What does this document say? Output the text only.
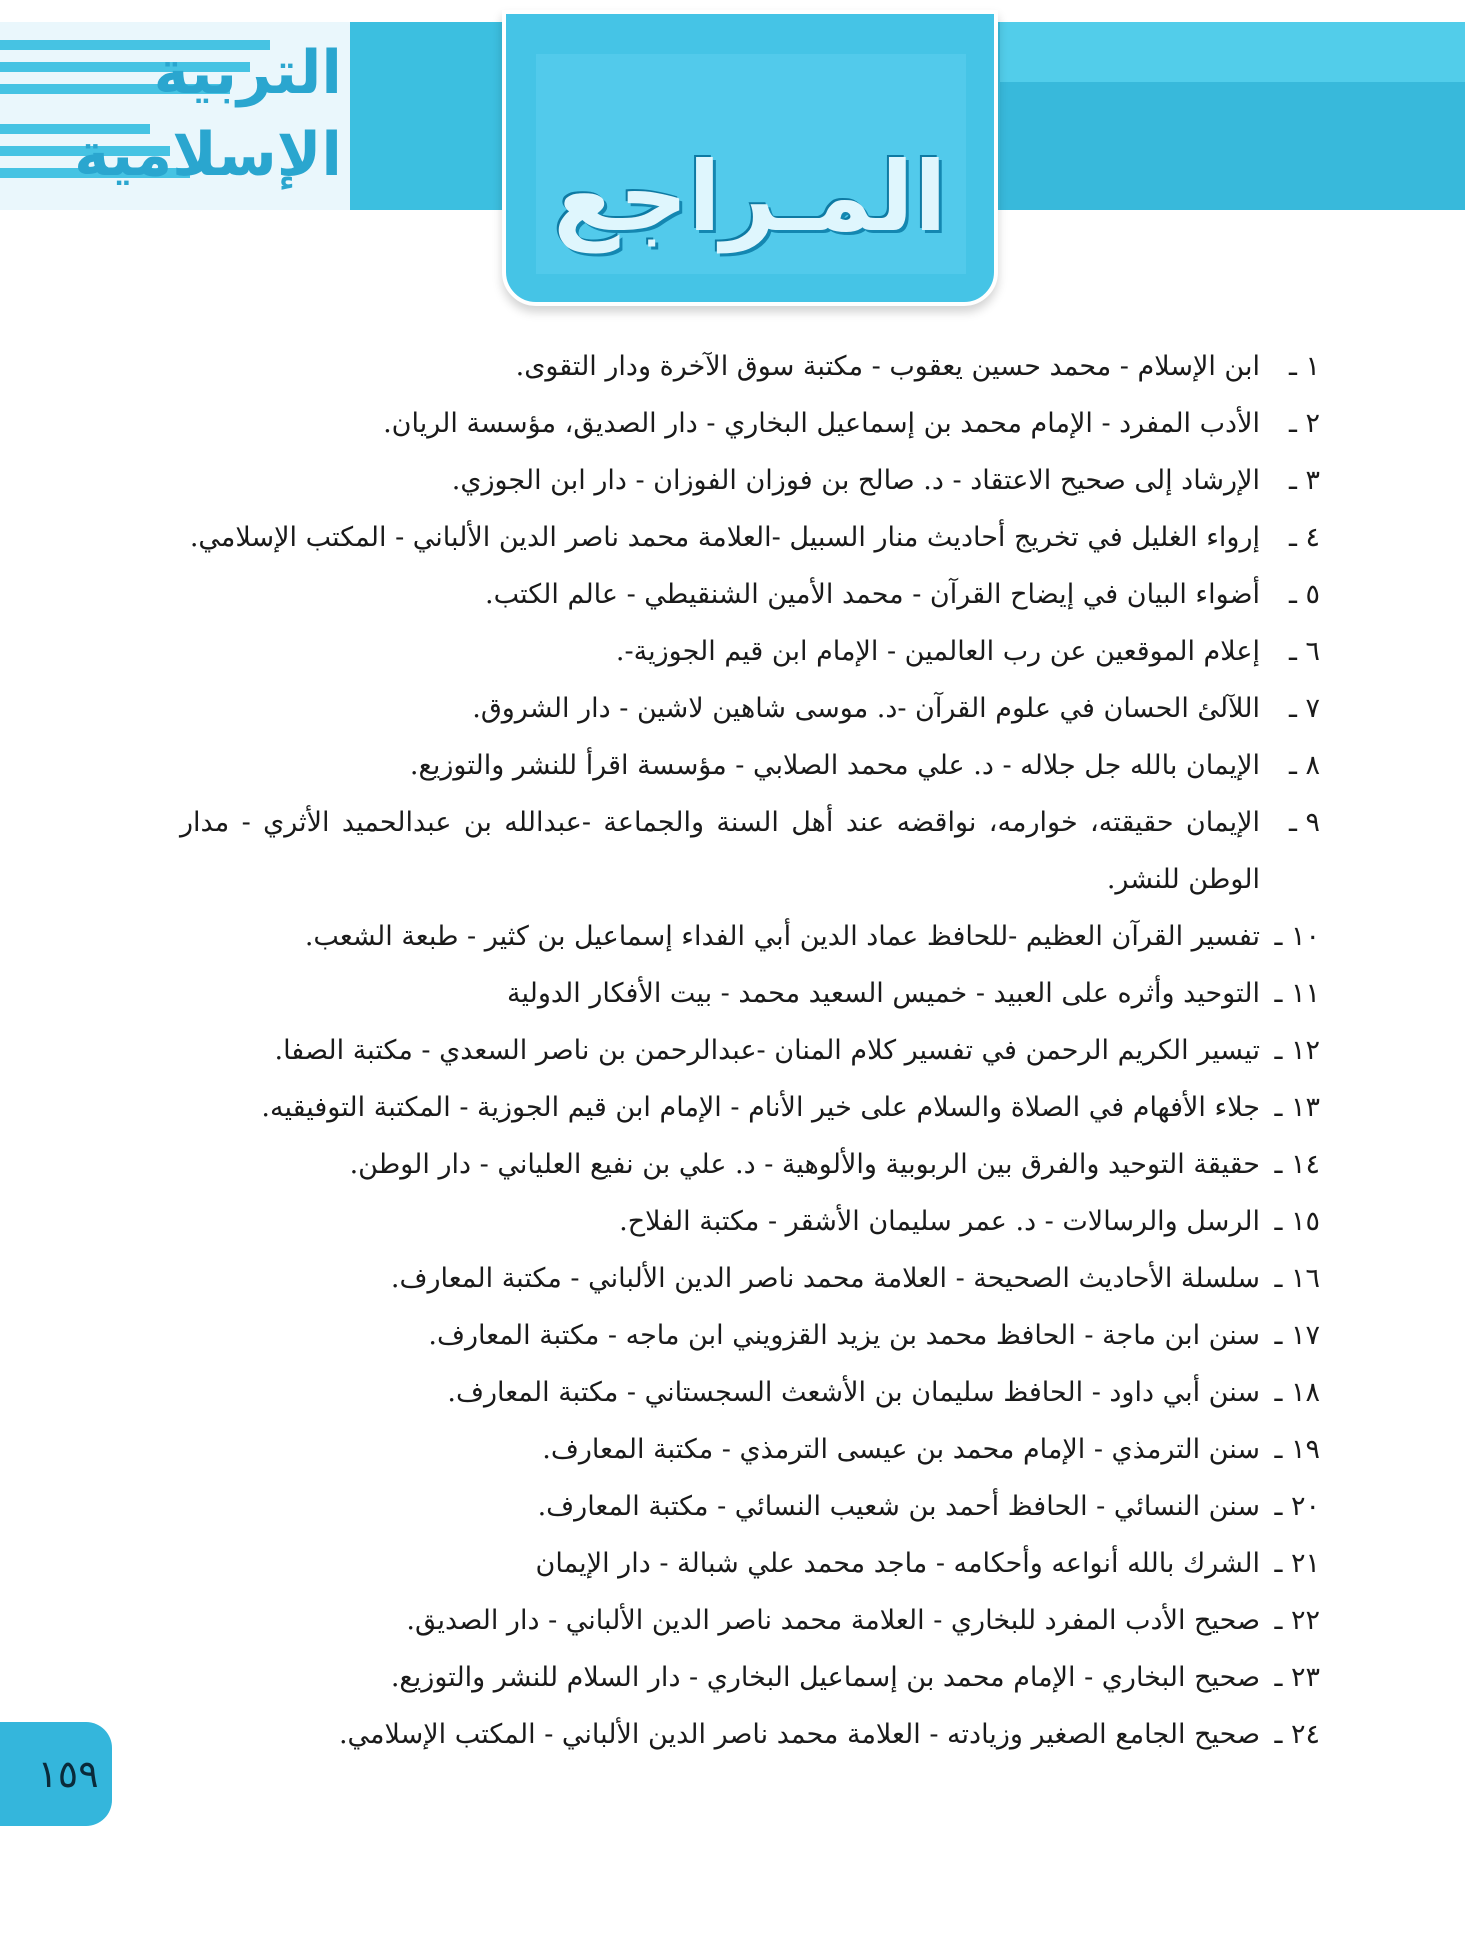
التربية
الإسلامية	المـراجع
١ ـ
ابن الإسلام - محمد حسين يعقوب - مكتبة سوق الآخرة ودار التقوى.
٢ ـ
الأدب المفرد - الإمام محمد بن إسماعيل البخاري - دار الصديق، مؤسسة الريان.
٣ ـ
الإرشاد إلى صحيح الاعتقاد - د. صالح بن فوزان الفوزان - دار ابن الجوزي.
٤ ـ
إرواء الغليل في تخريج أحاديث منار السبيل -العلامة محمد ناصر الدين الألباني - المكتب الإسلامي.
٥ ـ
أضواء البيان في إيضاح القرآن - محمد الأمين الشنقيطي - عالم الكتب.
٦ ـ
إعلام الموقعين عن رب العالمين - الإمام ابن قيم الجوزية-.
٧ ـ
اللآلئ الحسان في علوم القرآن -د. موسى شاهين لاشين - دار الشروق.
٨ ـ
الإيمان بالله جل جلاله - د. علي محمد الصلابي - مؤسسة اقرأ للنشر والتوزيع.
٩ ـ
الإيمان حقيقته، خوارمه، نواقضه عند أهل السنة والجماعة -عبدالله بن عبدالحميد الأثري - مدار الوطن للنشر.
١٠ ـ
تفسير القرآن العظيم -للحافظ عماد الدين أبي الفداء إسماعيل بن كثير - طبعة الشعب.
١١ ـ
التوحيد وأثره على العبيد - خميس السعيد محمد - بيت الأفكار الدولية
١٢ ـ
تيسير الكريم الرحمن في تفسير كلام المنان -عبدالرحمن بن ناصر السعدي - مكتبة الصفا.
١٣ ـ
جلاء الأفهام في الصلاة والسلام على خير الأنام - الإمام ابن قيم الجوزية - المكتبة التوفيقيه.
١٤ ـ
حقيقة التوحيد والفرق بين الربوبية والألوهية - د. علي بن نفيع العلياني - دار الوطن.
١٥ ـ
الرسل والرسالات - د. عمر سليمان الأشقر - مكتبة الفلاح.
١٦ ـ
سلسلة الأحاديث الصحيحة - العلامة محمد ناصر الدين الألباني - مكتبة المعارف.
١٧ ـ
سنن ابن ماجة - الحافظ محمد بن يزيد القزويني ابن ماجه - مكتبة المعارف.
١٨ ـ
سنن أبي داود - الحافظ سليمان بن الأشعث السجستاني - مكتبة المعارف.
١٩ ـ
سنن الترمذي - الإمام محمد بن عيسى الترمذي - مكتبة المعارف.
٢٠ ـ
سنن النسائي - الحافظ أحمد بن شعيب النسائي - مكتبة المعارف.
٢١ ـ
الشرك بالله أنواعه وأحكامه - ماجد محمد علي شبالة - دار الإيمان
٢٢ ـ
صحيح الأدب المفرد للبخاري - العلامة محمد ناصر الدين الألباني - دار الصديق.
٢٣ ـ
صحيح البخاري - الإمام محمد بن إسماعيل البخاري - دار السلام للنشر والتوزيع.
٢٤ ـ
صحيح الجامع الصغير وزيادته - العلامة محمد ناصر الدين الألباني - المكتب الإسلامي.
١٥٩
